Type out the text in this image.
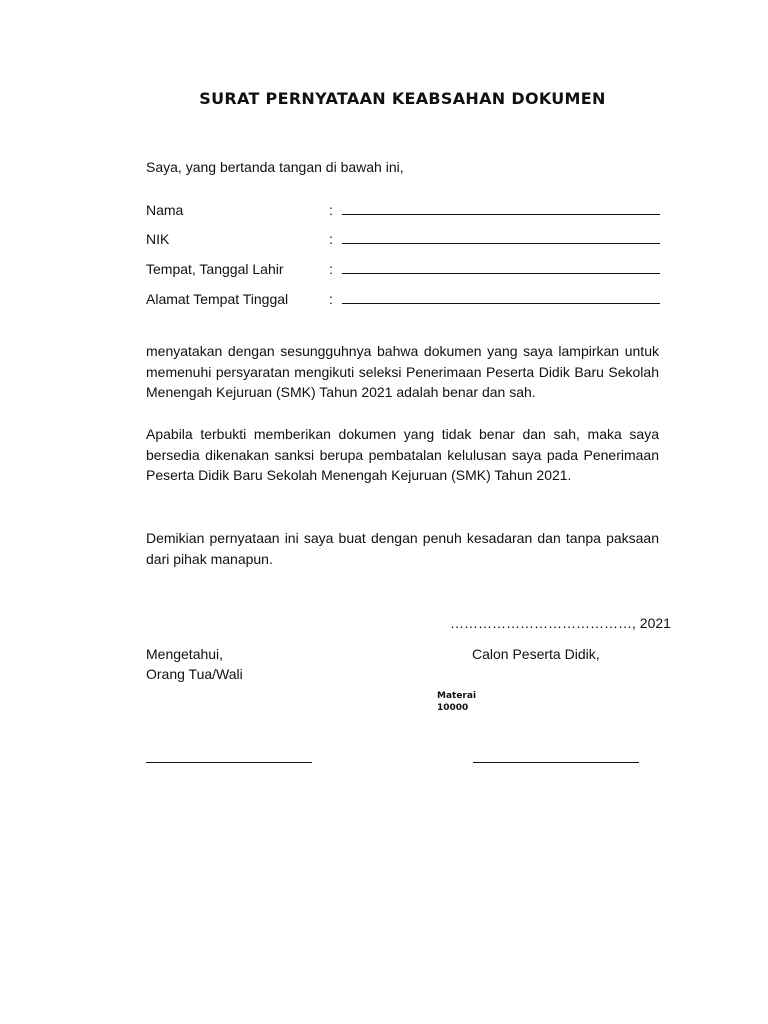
SURAT PERNYATAAN KEABSAHAN DOKUMEN
Saya, yang bertanda tangan di bawah ini,
Nama	:
NIK	:
Tempat, Tanggal Lahir	:
Alamat Tempat Tinggal	:

menyatakan dengan sesungguhnya bahwa dokumen yang saya lampirkan untuk memenuhi persyaratan mengikuti seleksi Penerimaan Peserta Didik Baru Sekolah Menengah Kejuruan (SMK) Tahun 2021 adalah benar dan sah.

Apabila terbukti memberikan dokumen yang tidak benar dan sah, maka saya bersedia dikenakan sanksi berupa pembatalan kelulusan saya pada Penerimaan Peserta Didik Baru Sekolah Menengah Kejuruan (SMK) Tahun 2021.

Demikian pernyataan ini saya buat dengan penuh kesadaran dan tanpa paksaan dari pihak manapun.

…………………………………, 2021
Mengetahui,
Orang Tua/Wali
Calon Peserta Didik,
Materai
10000
